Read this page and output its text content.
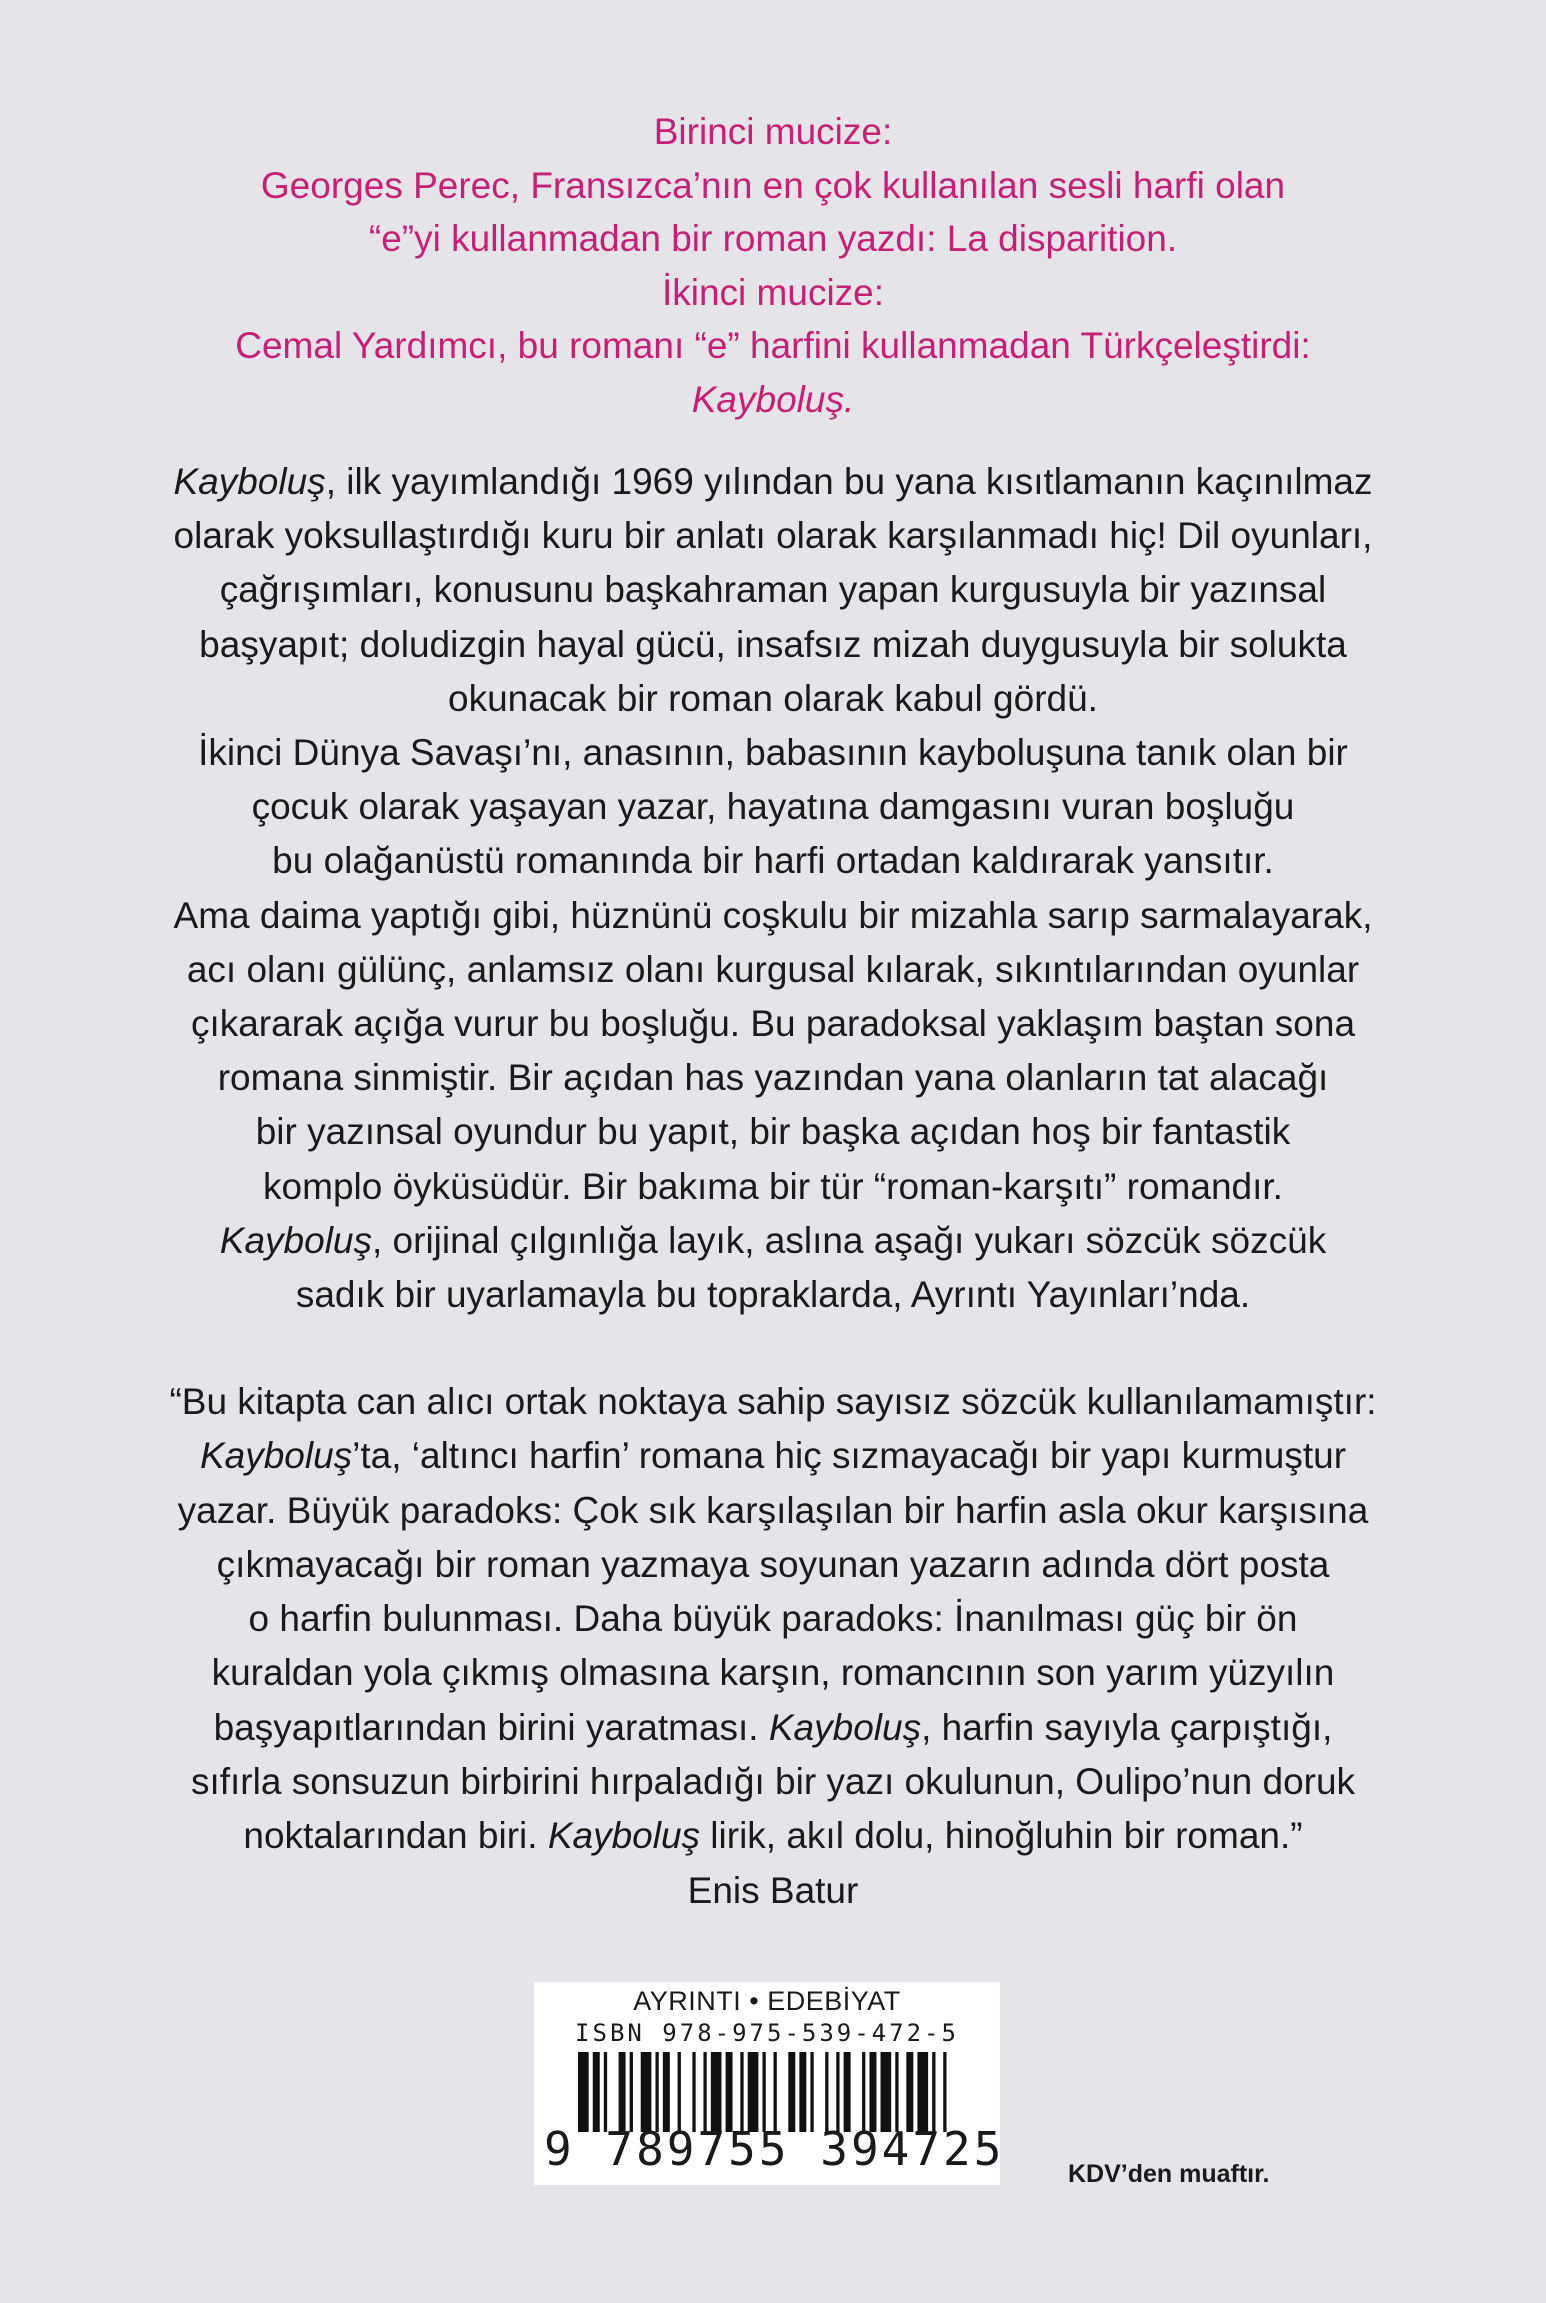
Birinci mucize:
Georges Perec, Fransızca’nın en çok kullanılan sesli harfi olan
“e”yi kullanmadan bir roman yazdı: La disparition.
İkinci mucize:
Cemal Yardımcı, bu romanı “e” harfini kullanmadan Türkçeleştirdi:
Kayboluş.
Kayboluş, ilk yayımlandığı 1969 yılından bu yana kısıtlamanın kaçınılmaz
olarak yoksullaştırdığı kuru bir anlatı olarak karşılanmadı hiç! Dil oyunları,
çağrışımları, konusunu başkahraman yapan kurgusuyla bir yazınsal
başyapıt; doludizgin hayal gücü, insafsız mizah duygusuyla bir solukta
okunacak bir roman olarak kabul gördü.
İkinci Dünya Savaşı’nı, anasının, babasının kayboluşuna tanık olan bir
çocuk olarak yaşayan yazar, hayatına damgasını vuran boşluğu
bu olağanüstü romanında bir harfi ortadan kaldırarak yansıtır.
Ama daima yaptığı gibi, hüznünü coşkulu bir mizahla sarıp sarmalayarak,
acı olanı gülünç, anlamsız olanı kurgusal kılarak, sıkıntılarından oyunlar
çıkararak açığa vurur bu boşluğu. Bu paradoksal yaklaşım baştan sona
romana sinmiştir. Bir açıdan has yazından yana olanların tat alacağı
bir yazınsal oyundur bu yapıt, bir başka açıdan hoş bir fantastik
komplo öyküsüdür. Bir bakıma bir tür “roman-karşıtı” romandır.
Kayboluş, orijinal çılgınlığa layık, aslına aşağı yukarı sözcük sözcük
sadık bir uyarlamayla bu topraklarda, Ayrıntı Yayınları’nda.
“Bu kitapta can alıcı ortak noktaya sahip sayısız sözcük kullanılamamıştır:
Kayboluş’ta, ‘altıncı harfin’ romana hiç sızmayacağı bir yapı kurmuştur
yazar. Büyük paradoks: Çok sık karşılaşılan bir harfin asla okur karşısına
çıkmayacağı bir roman yazmaya soyunan yazarın adında dört posta
o harfin bulunması. Daha büyük paradoks: İnanılması güç bir ön
kuraldan yola çıkmış olmasına karşın, romancının son yarım yüzyılın
başyapıtlarından birini yaratması. Kayboluş, harfin sayıyla çarpıştığı,
sıfırla sonsuzun birbirini hırpaladığı bir yazı okulunun, Oulipo’nun doruk
noktalarından biri. Kayboluş lirik, akıl dolu, hinoğluhin bir roman.”
Enis Batur
AYRINTI • EDEBİYAT
ISBN 978-975-539-472-5
9 789755 394725	KDV’den muaftır.
